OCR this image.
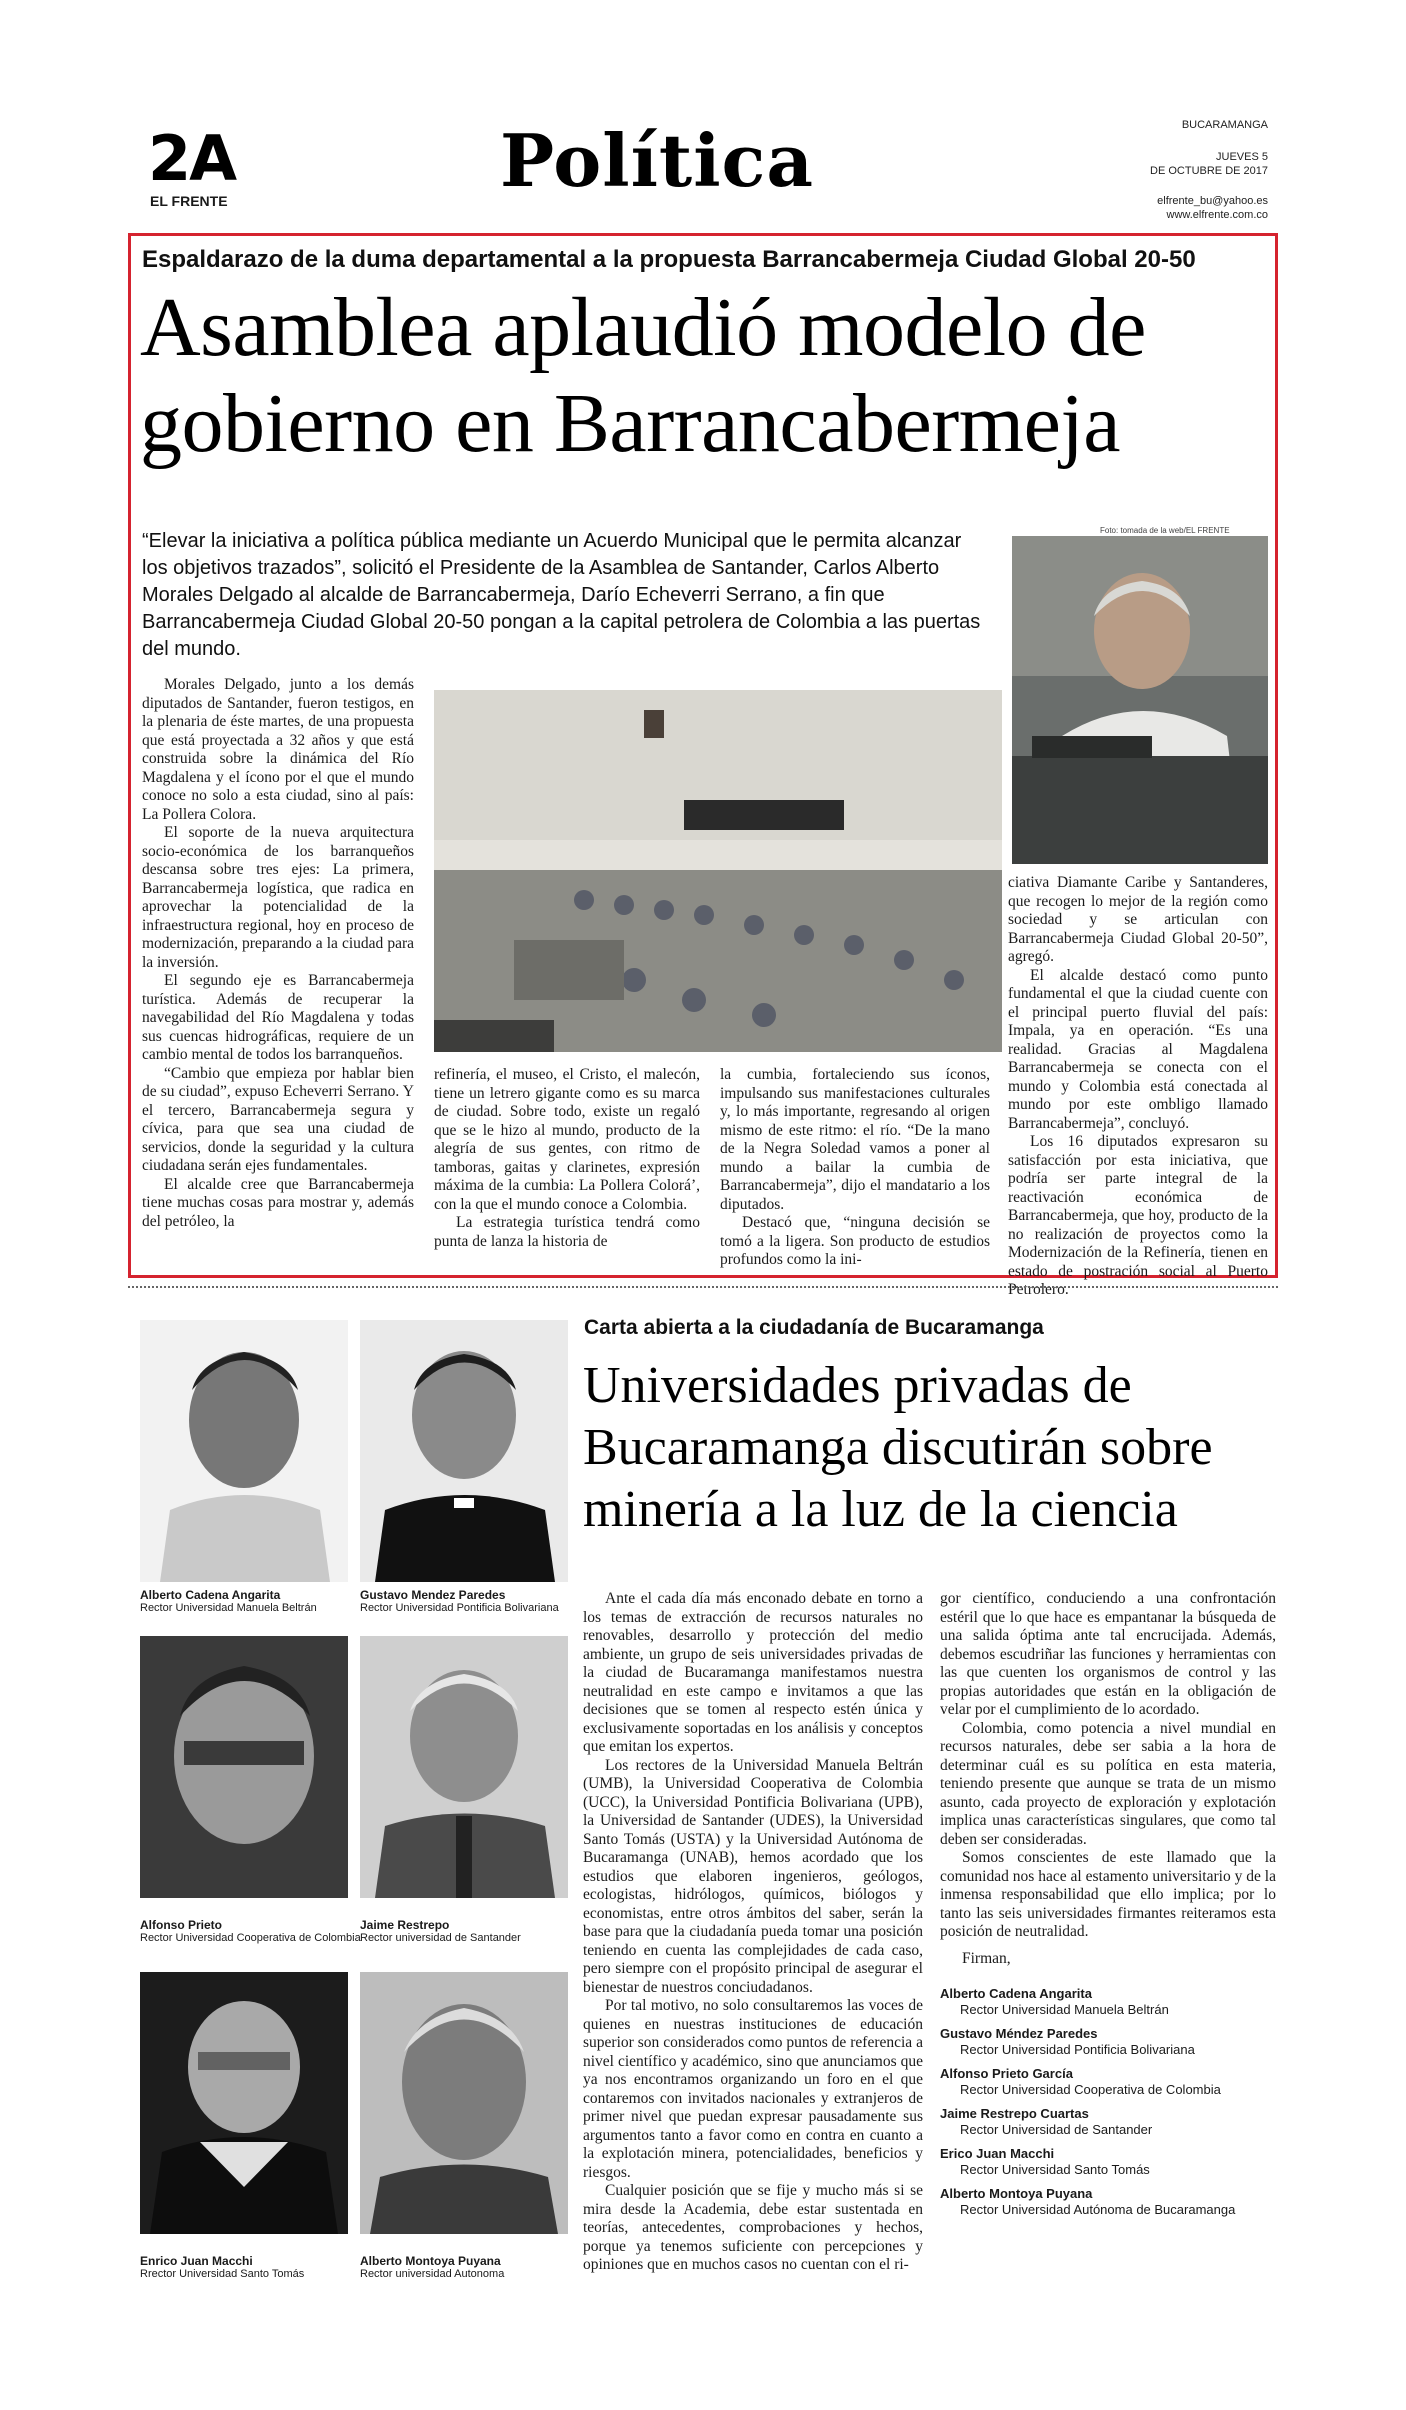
2A
EL FRENTE	Política	BUCARAMANGA
JUEVES 5
DE OCTUBRE DE 2017
elfrente_bu@yahoo.es
www.elfrente.com.co
Espaldarazo de la duma departamental a la propuesta Barrancabermeja Ciudad Global 20-50
Asamblea aplaudió modelo de
gobierno en Barrancabermeja
“Elevar la iniciativa a política pública mediante un Acuerdo Municipal que le permita alcanzar los objetivos trazados”, solicitó el Presidente de la Asamblea de Santander, Carlos Alberto Morales Delgado al alcalde de Barrancabermeja, Darío Echeverri Serrano, a fin que Barrancabermeja Ciudad Global 20-50 pongan a la capital petrolera de Colombia a las puertas del mundo.
Foto: tomada de la web/EL FRENTE

Morales Delgado, junto a los demás diputados de Santander, fueron testigos, en la plenaria de éste martes, de una propuesta que está proyectada a 32 años y que está construida sobre la dinámica del Río Magdalena y el ícono por el que el mundo conoce no solo a esta ciudad, sino al país: La Pollera Colora.

El soporte de la nueva arquitectura socio-económica de los barranqueños descansa sobre tres ejes: La primera, Barrancabermeja logística, que radica en aprovechar la potencialidad de la infraestructura regional, hoy en proceso de modernización, preparando a la ciudad para la inversión.

El segundo eje es Barrancabermeja turística. Además de recuperar la navegabilidad del Río Magdalena y todas sus cuencas hidrográficas, requiere de un cambio mental de todos los barranqueños.

“Cambio que empieza por hablar bien de su ciudad”, expuso Echeverri Serrano. Y el tercero, Barrancabermeja segura y cívica, para que sea una ciudad de servicios, donde la seguridad y la cultura ciudadana serán ejes fundamentales.

El alcalde cree que Barrancabermeja tiene muchas cosas para mostrar y, además del petróleo, la

refinería, el museo, el Cristo, el malecón, tiene un letrero gigante como es su marca de ciudad. Sobre todo, existe un regaló que se le hizo al mundo, producto de la alegría de sus gentes, con ritmo de tamboras, gaitas y clarinetes, expresión máxima de la cumbia: La Pollera Colorá’, con la que el mundo conoce a Colombia.

La estrategia turística tendrá como punta de lanza la historia de

la cumbia, fortaleciendo sus íconos, impulsando sus manifestaciones culturales y, lo más importante, regresando al origen mismo de este ritmo: el río. “De la mano de la Negra Soledad vamos a poner al mundo a bailar la cumbia de Barrancabermeja”, dijo el mandatario a los diputados.

Destacó que, “ninguna decisión se tomó a la ligera. Son producto de estudios profundos como la ini-

ciativa Diamante Caribe y Santanderes, que recogen lo mejor de la región como sociedad y se articulan con Barrancabermeja Ciudad Global 20-50”, agregó.

El alcalde destacó como punto fundamental el que la ciudad cuente con el principal puerto fluvial del país: Impala, ya en operación. “Es una realidad. Gracias al Magdalena Barrancabermeja se conecta con el mundo y Colombia está conectada al mundo por este ombligo llamado Barrancabermeja”, concluyó.

Los 16 diputados expresaron su satisfacción por esta iniciativa, que podría ser parte integral de la reactivación económica de Barrancabermeja, que hoy, producto de la no realización de proyectos como la Modernización de la Refinería, tienen en estado de postración social al Puerto Petrolero.

Carta abierta a la ciudadanía de Bucaramanga
Universidades privadas de
Bucaramanga discutirán sobre
minería a la luz de la ciencia
Alberto Cadena Angarita
Rector Universidad Manuela Beltrán
Gustavo Mendez Paredes
Rector Universidad Pontificia Bolivariana
Alfonso Prieto
Rector Universidad Cooperativa de Colombia
Jaime Restrepo
Rector universidad de Santander
Enrico Juan Macchi
Rrector Universidad Santo Tomás
Alberto Montoya Puyana
Rector universidad Autonoma

Ante el cada día más enconado debate en torno a los temas de extracción de recursos naturales no renovables, desarrollo y protección del medio ambiente, un grupo de seis universidades privadas de la ciudad de Bucaramanga manifestamos nuestra neutralidad en este campo e invitamos a que las decisiones que se tomen al respecto estén única y exclusivamente soportadas en los análisis y conceptos que emitan los expertos.

Los rectores de la Universidad Manuela Beltrán (UMB), la Universidad Cooperativa de Colombia (UCC), la Universidad Pontificia Bolivariana (UPB), la Universidad de Santander (UDES), la Universidad Santo Tomás (USTA) y la Universidad Autónoma de Bucaramanga (UNAB), hemos acordado que los estudios que elaboren ingenieros, geólogos, ecologistas, hidrólogos, químicos, biólogos y economistas, entre otros ámbitos del saber, serán la base para que la ciudadanía pueda tomar una posición teniendo en cuenta las complejidades de cada caso, pero siempre con el propósito principal de asegurar el bienestar de nuestros conciudadanos.

Por tal motivo, no solo consultaremos las voces de quienes en nuestras instituciones de educación superior son considerados como puntos de referencia a nivel científico y académico, sino que anunciamos que ya nos encontramos organizando un foro en el que contaremos con invitados nacionales y extranjeros de primer nivel que puedan expresar pausadamente sus argumentos tanto a favor como en contra en cuanto a la explotación minera, potencialidades, beneficios y riesgos.

Cualquier posición que se fije y mucho más si se mira desde la Academia, debe estar sustentada en teorías, antecedentes, comprobaciones y hechos, porque ya tenemos suficiente con percepciones y opiniones que en muchos casos no cuentan con el ri-

gor científico, conduciendo a una confrontación estéril que lo que hace es empantanar la búsqueda de una salida óptima ante tal encrucijada. Además, debemos escudriñar las funciones y herramientas con las que cuenten los organismos de control y las propias autoridades que están en la obligación de velar por el cumplimiento de lo acordado.

Colombia, como potencia a nivel mundial en recursos naturales, debe ser sabia a la hora de determinar cuál es su política en esta materia, teniendo presente que aunque se trata de un mismo asunto, cada proyecto de exploración y explotación implica unas características singulares, que como tal deben ser consideradas.

Somos conscientes de este llamado que la comunidad nos hace al estamento universitario y de la inmensa responsabilidad que ello implica; por lo tanto las seis universidades firmantes reiteramos esta posición de neutralidad.

Firman,
Alberto Cadena Angarita
Rector Universidad Manuela Beltrán
Gustavo Méndez Paredes
Rector Universidad Pontificia Bolivariana
Alfonso Prieto García
Rector Universidad Cooperativa de Colombia
Jaime Restrepo Cuartas
Rector Universidad de Santander
Erico Juan Macchi
Rector Universidad Santo Tomás
Alberto Montoya Puyana
Rector Universidad Autónoma de Bucaramanga
